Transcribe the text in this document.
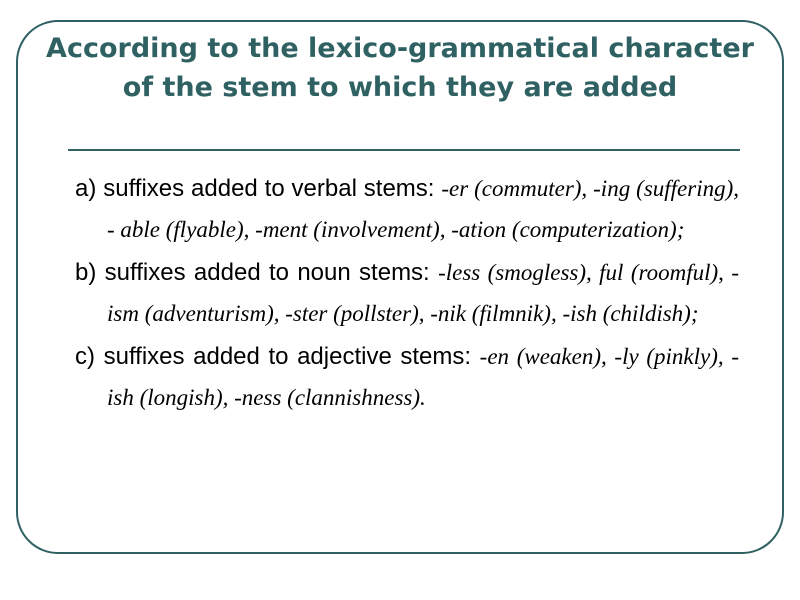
According to the lexico-grammatical character of the stem to which they are added

a) suffixes added to verbal stems: -er (commuter), -ing (suffering), - able (flyable), -ment (involvement), -ation (computerization);

b) suffixes added to noun stems: -less (smogless), ful (roomful), -ism (adventurism), -ster (pollster), -nik (filmnik), -ish (childish);

c) suffixes added to adjective stems: -en (weaken), -ly (pinkly), -ish (longish), -ness (clannishness).
